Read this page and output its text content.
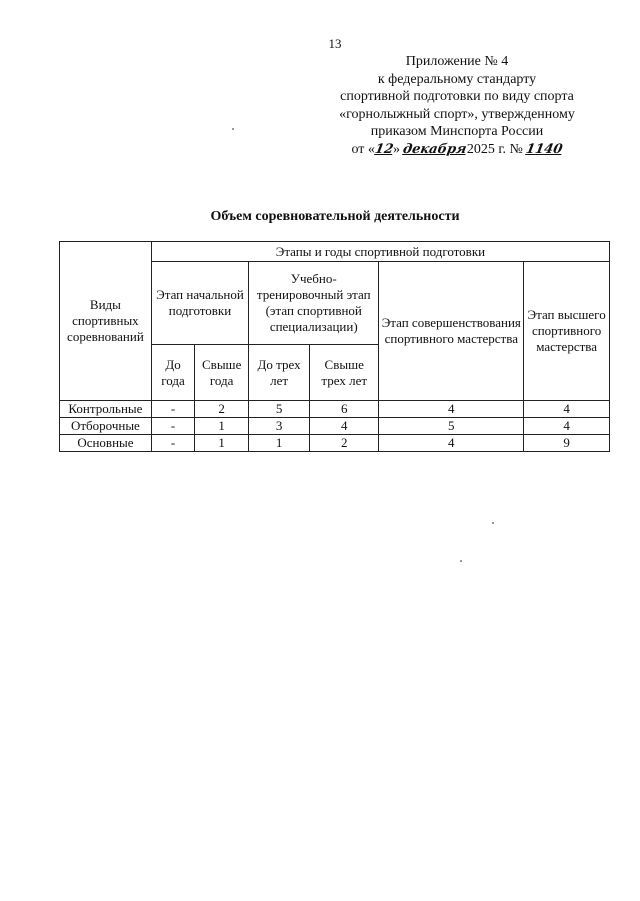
13
Приложение № 4
к федеральному стандарту
спортивной подготовки по виду спорта
«горнолыжный спорт», утвержденному
приказом Минспорта России
от «12» декабря2025 г. № 1140
Объем соревновательной деятельности
Виды спортивных соревнований	Этапы и годы спортивной подготовки					
	Этап начальной подготовки		Учебно-тренировочный этап (этап спортивной специализации)		Этап совершенствования спортивного мастерства	Этап высшего спортивного мастерства
	До года	Свыше года	До трех лет	Свыше трех лет		
Контрольные	-	2	5	6	4	4
Отборочные	-	1	3	4	5	4
Основные	-	1	1	2	4	9
